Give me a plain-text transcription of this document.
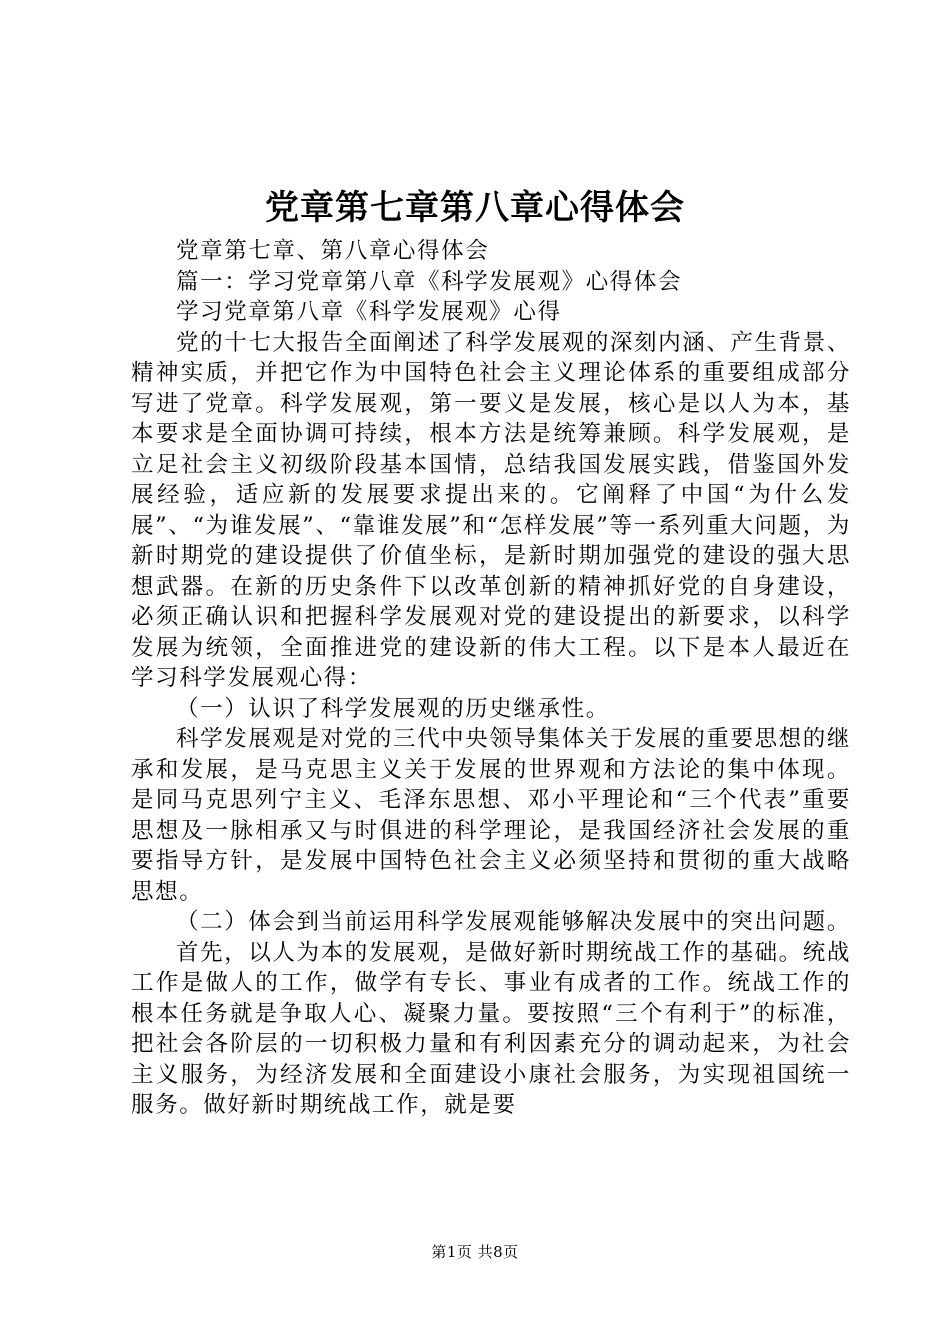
党章第七章第八章心得体会

党章第七章、第八章心得体会

篇一：学习党章第八章《科学发展观》心得体会

学习党章第八章《科学发展观》心得

党的十七大报告全面阐述了科学发展观的深刻内涵、产生背景、精神实质，并把它作为中国特色社会主义理论体系的重要组成部分写进了党章。科学发展观，第一要义是发展，核心是以人为本，基本要求是全面协调可持续，根本方法是统筹兼顾。科学发展观，是立足社会主义初级阶段基本国情，总结我国发展实践，借鉴国外发展经验，适应新的发展要求提出来的。它阐释了中国“为什么发展”、“为谁发展”、“靠谁发展”和“怎样发展”等一系列重大问题，为新时期党的建设提供了价值坐标，是新时期加强党的建设的强大思想武器。在新的历史条件下以改革创新的精神抓好党的自身建设，必须正确认识和把握科学发展观对党的建设提出的新要求，以科学发展为统领，全面推进党的建设新的伟大工程。以下是本人最近在学习科学发展观心得：

（一）认识了科学发展观的历史继承性。

科学发展观是对党的三代中央领导集体关于发展的重要思想的继承和发展，是马克思主义关于发展的世界观和方法论的集中体现。是同马克思列宁主义、毛泽东思想、邓小平理论和“三个代表”重要思想及一脉相承又与时俱进的科学理论，是我国经济社会发展的重要指导方针，是发展中国特色社会主义必须坚持和贯彻的重大战略思想。

（二）体会到当前运用科学发展观能够解决发展中的突出问题。

首先，以人为本的发展观，是做好新时期统战工作的基础。统战工作是做人的工作，做学有专长、事业有成者的工作。统战工作的根本任务就是争取人心、凝聚力量。要按照“三个有利于”的标准，把社会各阶层的一切积极力量和有利因素充分的调动起来，为社会主义服务，为经济发展和全面建设小康社会服务，为实现祖国统一服务。做好新时期统战工作，就是要

第1页 共8页
